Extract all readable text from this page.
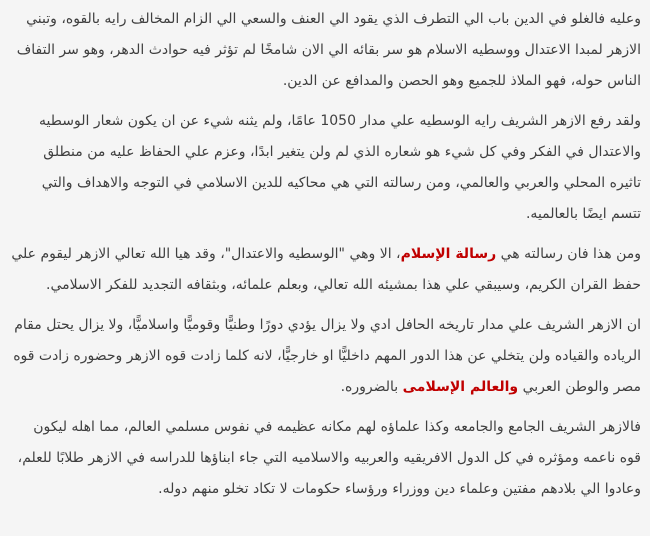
وعليه فالغلو في الدين باب الي التطرف الذي يقود الي العنف والسعي الي الزام المخالف رايه بالقوه، وتبني الازهر لمبدا الاعتدال ووسطيه الاسلام هو سر بقائه الي الان شامخًا لم تؤثر فيه حوادث الدهر، وهو سر التفاف الناس حوله، فهو الملاذ للجميع وهو الحصن والمدافع عن الدين.

ولقد رفع الازهر الشريف رايه الوسطيه علي مدار 1050 عامًا، ولم يثنه شيء عن ان يكون شعار الوسطيه والاعتدال في الفكر وفي كل شيء هو شعاره الذي لم ولن يتغير ابدًا، وعزم علي الحفاظ عليه من منطلق تاثيره المحلي والعربي والعالمي، ومن رسالته التي هي محاكيه للدين الاسلامي في التوجه والاهداف والتي تتسم ايضًا بالعالميه.

ومن هذا فان رسالته هي رسالة الإسلام، الا وهي "الوسطيه والاعتدال"، وقد هيا الله تعالي الازهر ليقوم علي حفظ القران الكريم، وسيبقي علي هذا بمشيئه الله تعالي، وبعلم علمائه، وبثقافه التجديد للفكر الاسلامي.

ان الازهر الشريف علي مدار تاريخه الحافل ادي ولا يزال يؤدي دورًا وطنيًّا وقوميًّا واسلاميًّا، ولا يزال يحتل مقام الرياده والقياده ولن يتخلي عن هذا الدور المهم داخليًّا او خارجيًّا، لانه كلما زادت قوه الازهر وحضوره زادت قوه مصر والوطن العربي والعالم الإسلامى بالضروره.

فالازهر الشريف الجامع والجامعه وكذا علماؤه لهم مكانه عظيمه في نفوس مسلمي العالم، مما اهله ليكون قوه ناعمه ومؤثره في كل الدول الافريقيه والعربيه والاسلاميه التي جاء ابناؤها للدراسه في الازهر طلابًا للعلم، وعادوا الي بلادهم مفتين وعلماء دين ووزراء ورؤساء حكومات لا تكاد تخلو منهم دوله.
